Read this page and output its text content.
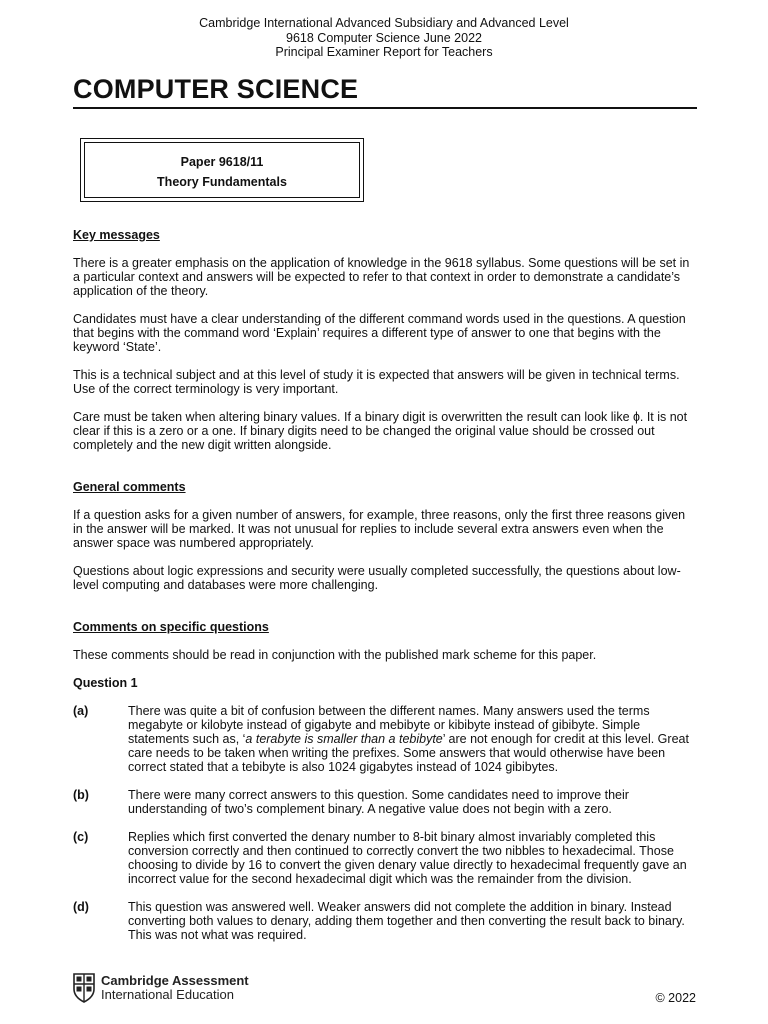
Cambridge International Advanced Subsidiary and Advanced Level
9618 Computer Science June 2022
Principal Examiner Report for Teachers
COMPUTER SCIENCE
Paper 9618/11
Theory Fundamentals
Key messages

There is a greater emphasis on the application of knowledge in the 9618 syllabus. Some questions will be set in a particular context and answers will be expected to refer to that context in order to demonstrate a candidate’s application of the theory.

Candidates must have a clear understanding of the different command words used in the questions. A question that begins with the command word ‘Explain’ requires a different type of answer to one that begins with the keyword ‘State’.

This is a technical subject and at this level of study it is expected that answers will be given in technical terms. Use of the correct terminology is very important.

Care must be taken when altering binary values. If a binary digit is overwritten the result can look like ɸ. It is not clear if this is a zero or a one. If binary digits need to be changed the original value should be crossed out completely and the new digit written alongside.

General comments

If a question asks for a given number of answers, for example, three reasons, only the first three reasons given in the answer will be marked. It was not unusual for replies to include several extra answers even when the answer space was numbered appropriately.

Questions about logic expressions and security were usually completed successfully, the questions about low-level computing and databases were more challenging.

Comments on specific questions

These comments should be read in conjunction with the published mark scheme for this paper.

Question 1
(a)	There was quite a bit of confusion between the different names. Many answers used the terms megabyte or kilobyte instead of gigabyte and mebibyte or kibibyte instead of gibibyte. Simple statements such as, ‘a terabyte is smaller than a tebibyte’ are not enough for credit at this level. Great care needs to be taken when writing the prefixes. Some answers that would otherwise have been correct stated that a tebibyte is also 1024 gigabytes instead of 1024 gibibytes.
(b)	There were many correct answers to this question. Some candidates need to improve their understanding of two’s complement binary. A negative value does not begin with a zero.
(c)	Replies which first converted the denary number to 8-bit binary almost invariably completed this conversion correctly and then continued to correctly convert the two nibbles to hexadecimal. Those choosing to divide by 16 to convert the given denary value directly to hexadecimal frequently gave an incorrect value for the second hexadecimal digit which was the remainder from the division.
(d)	This question was answered well. Weaker answers did not complete the addition in binary. Instead converting both values to denary, adding them together and then converting the result back to binary. This was not what was required.
Cambridge Assessment
International Education	© 2022
